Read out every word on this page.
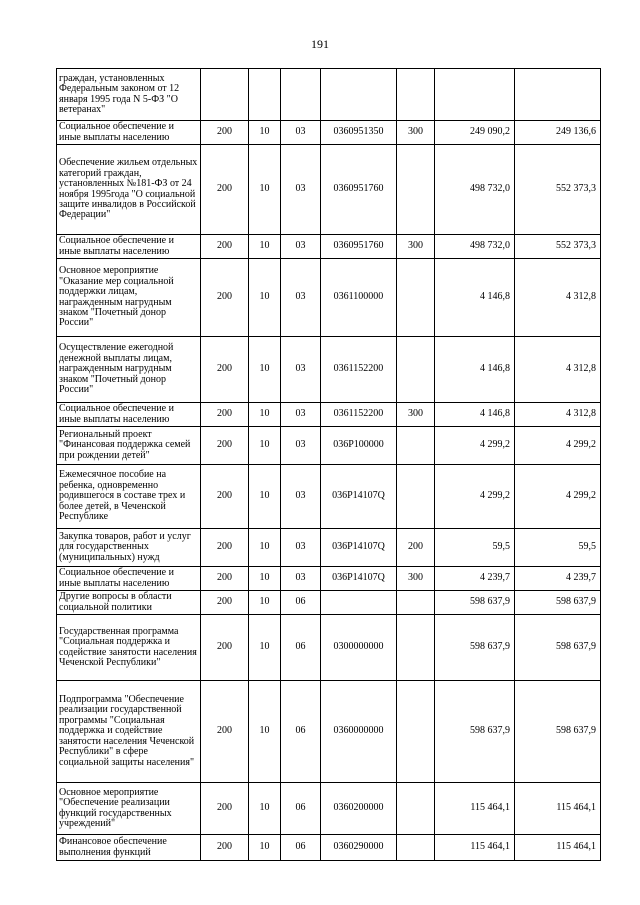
191
граждан, установленных Федеральным законом от 12 января 1995 года N 5-ФЗ "О ветеранах"							
Социальное обеспечение и иные выплаты населению	200	10	03	0360951350	300	249 090,2	249 136,6
Обеспечение жильем отдельных категорий граждан, установленных №181-ФЗ от 24 ноября 1995года "О социальной защите инвалидов в Российской Федерации"	200	10	03	0360951760		498 732,0	552 373,3
Социальное обеспечение и иные выплаты населению	200	10	03	0360951760	300	498 732,0	552 373,3
Основное мероприятие "Оказание мер социальной поддержки лицам, награжденным нагрудным знаком "Почетный донор России"	200	10	03	0361100000		4 146,8	4 312,8
Осуществление ежегодной денежной выплаты лицам, награжденным нагрудным знаком "Почетный донор России"	200	10	03	0361152200		4 146,8	4 312,8
Социальное обеспечение и иные выплаты населению	200	10	03	0361152200	300	4 146,8	4 312,8
Региональный проект "Финансовая поддержка семей при рождении детей"	200	10	03	036P100000		4 299,2	4 299,2
Ежемесячное пособие на ребенка, одновременно родившегося в составе трех и более детей, в Чеченской Республике	200	10	03	036P14107Q		4 299,2	4 299,2
Закупка товаров, работ и услуг для государственных (муниципальных) нужд	200	10	03	036P14107Q	200	59,5	59,5
Социальное обеспечение и иные выплаты населению	200	10	03	036P14107Q	300	4 239,7	4 239,7
Другие вопросы в области социальной политики	200	10	06			598 637,9	598 637,9
Государственная программа "Социальная поддержка и содействие занятости населения Чеченской Республики"	200	10	06	0300000000		598 637,9	598 637,9
Подпрограмма "Обеспечение реализации государственной программы "Социальная поддержка и содействие занятости населения Чеченской Республики" в сфере социальной защиты населения"	200	10	06	0360000000		598 637,9	598 637,9
Основное мероприятие "Обеспечение реализации функций государственных учреждений"	200	10	06	0360200000		115 464,1	115 464,1
Финансовое обеспечение выполнения функций	200	10	06	0360290000		115 464,1	115 464,1
